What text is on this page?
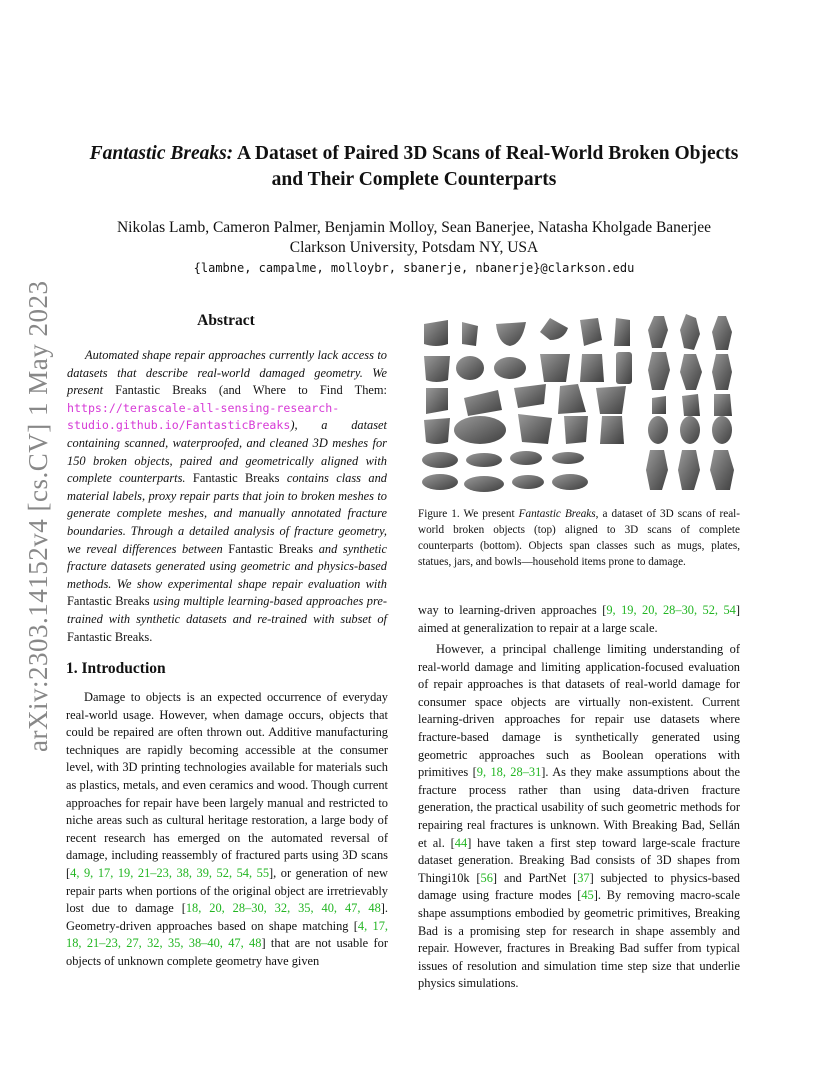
arXiv:2303.14152v4 [cs.CV] 1 May 2023
Fantastic Breaks: A Dataset of Paired 3D Scans of Real-World Broken Objects
and Their Complete Counterparts
Nikolas Lamb, Cameron Palmer, Benjamin Molloy, Sean Banerjee, Natasha Kholgade Banerjee
Clarkson University, Potsdam NY, USA
{lambne, campalme, molloybr, sbanerje, nbanerje}@clarkson.edu
Abstract

Automated shape repair approaches currently lack access to datasets that describe real-world damaged geometry. We present Fantastic Breaks (and Where to Find Them: https://terascale-all-sensing-research-studio.github.io/FantasticBreaks), a dataset containing scanned, waterproofed, and cleaned 3D meshes for 150 broken objects, paired and geometrically aligned with complete counterparts. Fantastic Breaks contains class and material labels, proxy repair parts that join to broken meshes to generate complete meshes, and manually annotated fracture boundaries. Through a detailed analysis of fracture geometry, we reveal differences between Fantastic Breaks and synthetic fracture datasets generated using geometric and physics-based methods. We show experimental shape repair evaluation with Fantastic Breaks using multiple learning-based approaches pre-trained with synthetic datasets and re-trained with subset of Fantastic Breaks.

1. Introduction

Damage to objects is an expected occurrence of everyday real-world usage. However, when damage occurs, objects that could be repaired are often thrown out. Additive manufacturing techniques are rapidly becoming accessible at the consumer level, with 3D printing technologies available for materials such as plastics, metals, and even ceramics and wood. Though current approaches for repair have been largely manual and restricted to niche areas such as cultural heritage restoration, a large body of recent research has emerged on the automated reversal of damage, including reassembly of fractured parts using 3D scans [4, 9, 17, 19, 21–23, 38, 39, 52, 54, 55], or generation of new repair parts when portions of the original object are irretrievably lost due to damage [18, 20, 28–30, 32, 35, 40, 47, 48]. Geometry-driven approaches based on shape matching [4, 17, 18, 21–23, 27, 32, 35, 38–40, 47, 48] that are not usable for objects of unknown complete geometry have given

Figure 1. We present Fantastic Breaks, a dataset of 3D scans of real-world broken objects (top) aligned to 3D scans of complete counterparts (bottom). Objects span classes such as mugs, plates, statues, jars, and bowls—household items prone to damage.

way to learning-driven approaches [9, 19, 20, 28–30, 52, 54] aimed at generalization to repair at a large scale.

However, a principal challenge limiting understanding of real-world damage and limiting application-focused evaluation of repair approaches is that datasets of real-world damage for consumer space objects are virtually non-existent. Current learning-driven approaches for repair use datasets where fracture-based damage is synthetically generated using geometric approaches such as Boolean operations with primitives [9, 18, 28–31]. As they make assumptions about the fracture process rather than using data-driven fracture generation, the practical usability of such geometric methods for repairing real fractures is unknown. With Breaking Bad, Sellán et al. [44] have taken a first step toward large-scale fracture dataset generation. Breaking Bad consists of 3D shapes from Thingi10k [56] and PartNet [37] subjected to physics-based damage using fracture modes [45]. By removing macro-scale shape assumptions embodied by geometric primitives, Breaking Bad is a promising step for research in shape assembly and repair. However, fractures in Breaking Bad suffer from typical issues of resolution and simulation time step size that underlie physics simulations.
